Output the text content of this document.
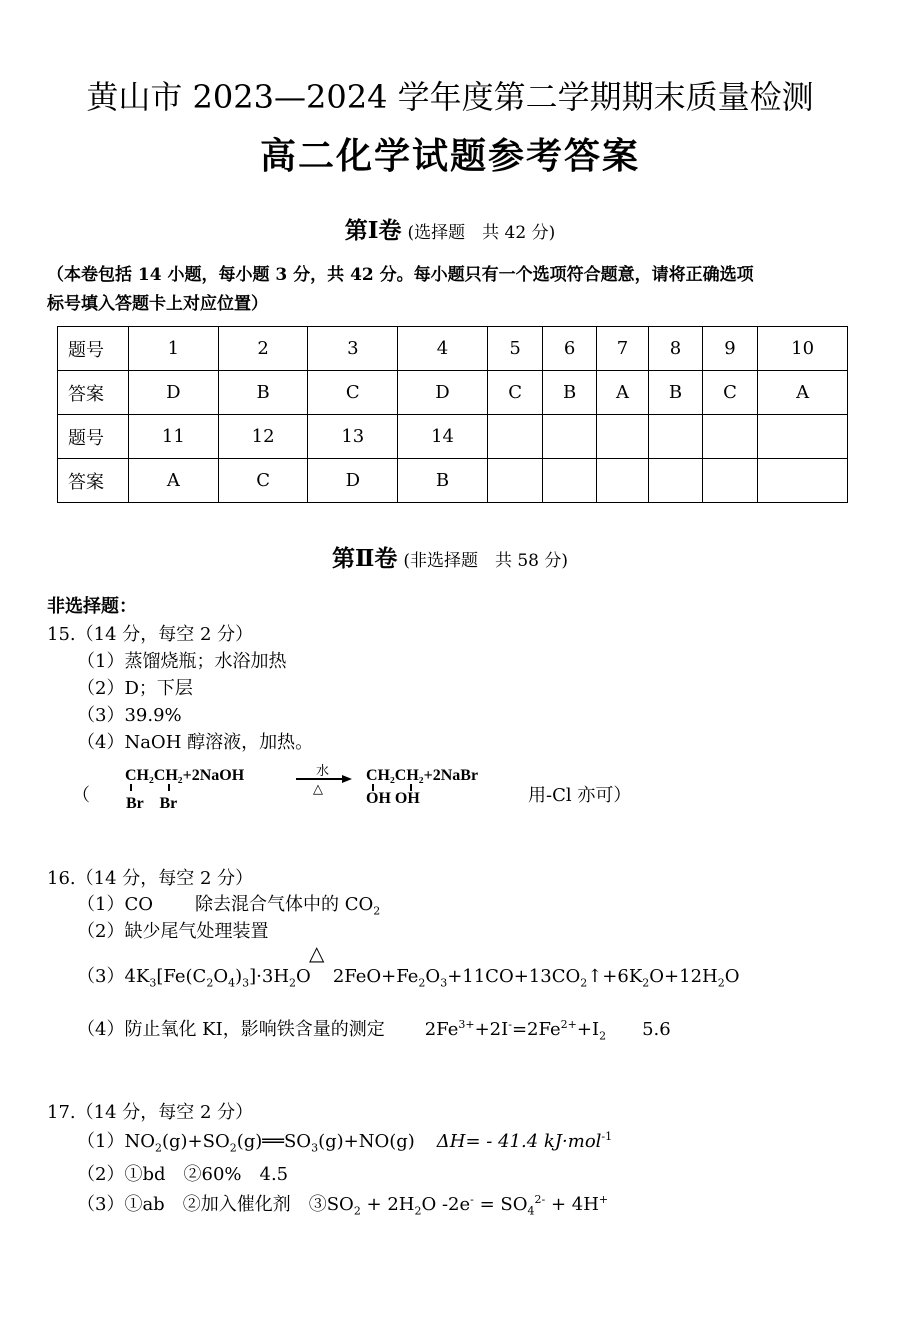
黄山市 2023—2024 学年度第二学期期末质量检测
高二化学试题参考答案
第Ⅰ卷 (选择题　共 42 分)
（本卷包括 14 小题，每小题 3 分，共 42 分。每小题只有一个选项符合题意，请将正确选项
标号填入答题卡上对应位置）
题号	1	2	3	4	5	6	7	8	9	10
答案	D	B	C	D	C	B	A	B	C	A
题号	11	12	13	14						
答案	A	C	D	B						
第Ⅱ卷 (非选择题　共 58 分)
非选择题：
15.（14 分，每空 2 分）
（1）蒸馏烧瓶；水浴加热
（2）D；下层
（3）39.9%
（4）NaOH 醇溶液，加热。
（
CH₂CH₂+2NaOH
Br　Br
水
△
CH₂CH₂+2NaBr
OH OH	用-Cl 亦可）
16.（14 分，每空 2 分）
（1）CO 除去混合气体中的 $CO_2$
（2）缺少尾气处理装置
△
$(3)4K_3[Fe(C_2O_4)_3]\cdot 3H_2O$ $2FeO+Fe_2O_3+11CO+13CO_2↑+6K_2O+12H_2O$
（4）防止氧化 KI，影响铁含量的测定 $2Fe^{3+}+2I^-=2Fe^{2+}+I_2$ 5.6
17.（14 分，每空 2 分）
$(1)NO_2(g)+SO_2(g)══SO_3(g)+NO(g)$ ΔH= - 41.4 kJ·mol$^{-1}$
（2）①bd　②60%　4.5
（3）①ab　②加入催化剂　$③SO_2 + 2H_2O$ $-2e^- = SO_4^{2-} + 4H^+$
